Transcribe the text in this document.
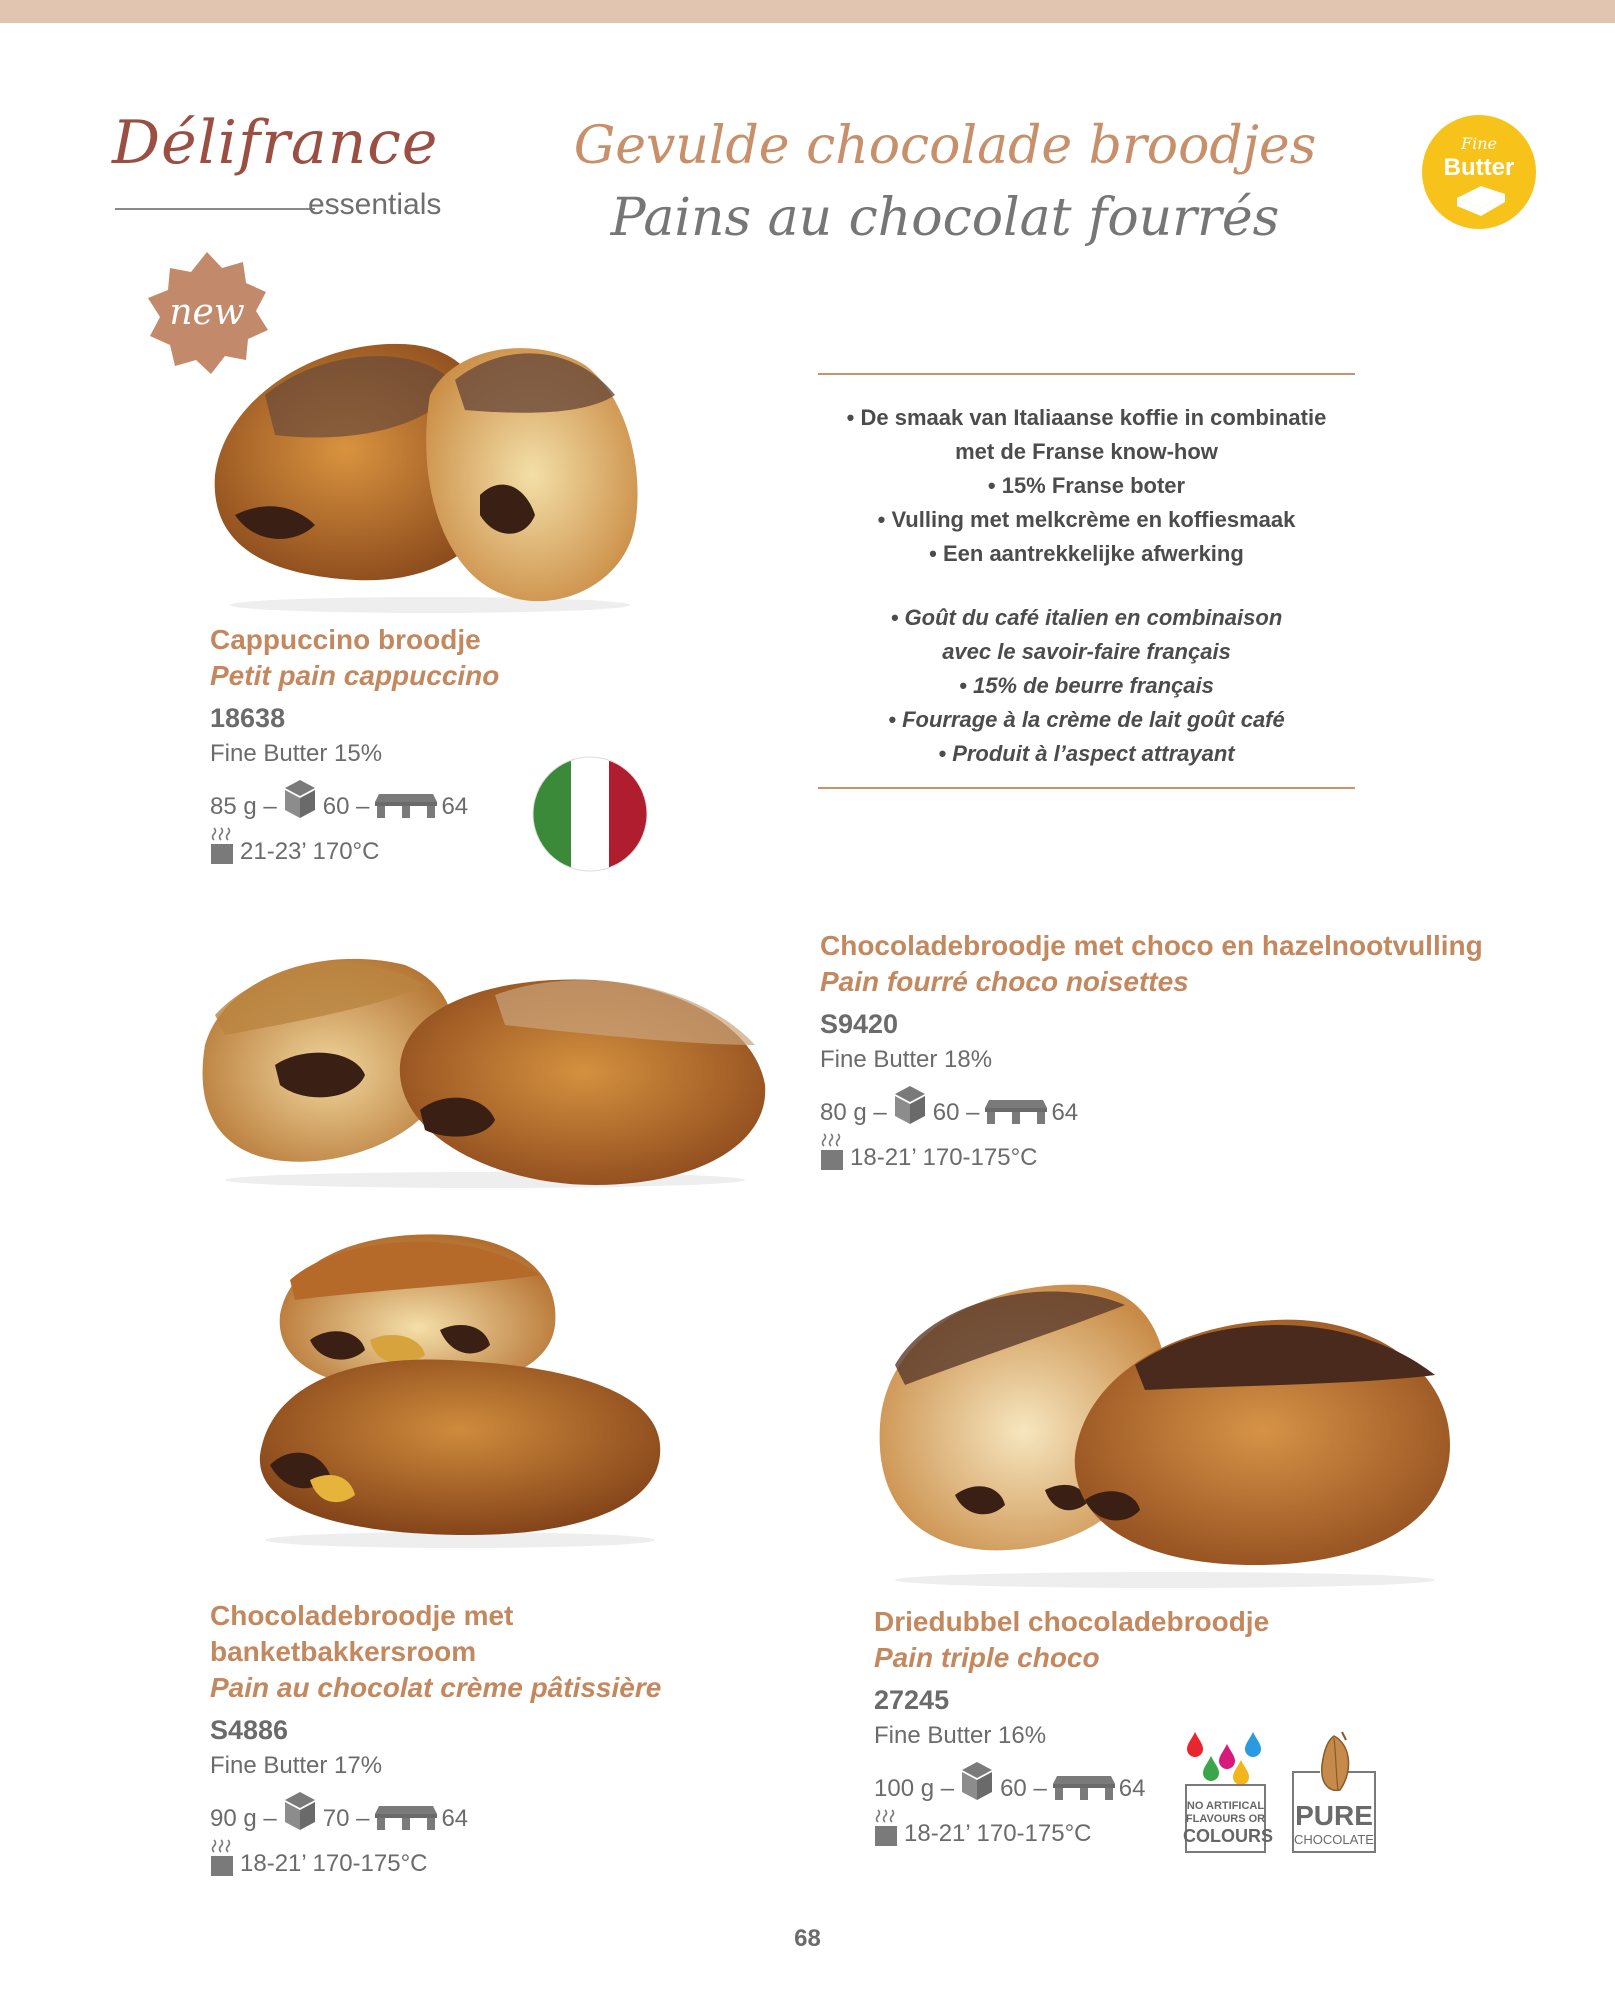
Délifrance
essentials
Gevulde chocolade broodjes
Pains au chocolat fourrés
Fine
Butter
new
Cappuccino broodje
Petit pain cappuccino
18638
Fine Butter 15%
85 g – 60 –	64
21-23’ 170°C
• De smaak van Italiaanse koffie in combinatie
met de Franse know-how
• 15% Franse boter
• Vulling met melkcrème en koffiesmaak
• Een aantrekkelijke afwerking
• Goût du café italien en combinaison
avec le savoir-faire français
• 15% de beurre français
• Fourrage à la crème de lait goût café
• Produit à l’aspect attrayant
Chocoladebroodje met choco en hazelnootvulling
Pain fourré choco noisettes
S9420
Fine Butter 18%
80 g – 60 –	64
18-21’ 170-175°C
Chocoladebroodje met
banketbakkersroom
Pain au chocolat crème pâtissière
S4886
Fine Butter 17%
90 g – 70 –	64
18-21’ 170-175°C
Driedubbel chocoladebroodje
Pain triple choco
27245
Fine Butter 16%
100 g – 60 –	64
18-21’ 170-175°C
NO ARTIFICAL
FLAVOURS OR
COLOURS
PURE
CHOCOLATE
68
